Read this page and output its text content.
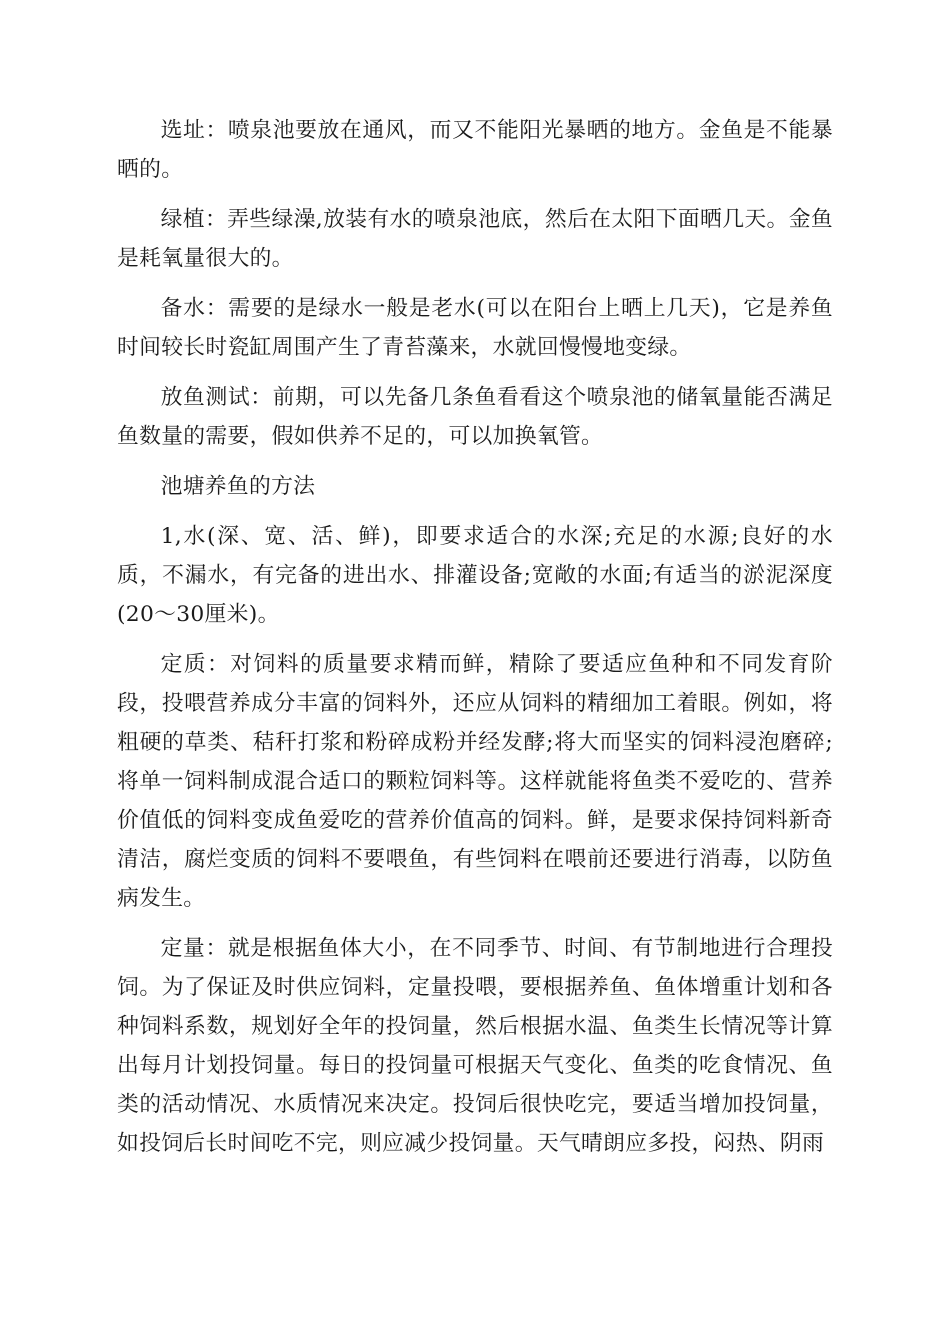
选址：喷泉池要放在通风，而又不能阳光暴晒的地方。金鱼是不能暴晒的。

绿植：弄些绿澡,放装有水的喷泉池底，然后在太阳下面晒几天。金鱼是耗氧量很大的。

备水：需要的是绿水一般是老水(可以在阳台上晒上几天)，它是养鱼时间较长时瓷缸周围产生了青苔藻来，水就回慢慢地变绿。

放鱼测试：前期，可以先备几条鱼看看这个喷泉池的储氧量能否满足鱼数量的需要，假如供养不足的，可以加换氧管。

池塘养鱼的方法

1,水(深、宽、活、鲜)，即要求适合的水深;充足的水源;良好的水质，不漏水，有完备的进出水、排灌设备;宽敞的水面;有适当的淤泥深度(20～30厘米)。

定质：对饲料的质量要求精而鲜，精除了要适应鱼种和不同发育阶段，投喂营养成分丰富的饲料外，还应从饲料的精细加工着眼。例如，将粗硬的草类、秸秆打浆和粉碎成粉并经发酵;将大而坚实的饲料浸泡磨碎;将单一饲料制成混合适口的颗粒饲料等。这样就能将鱼类不爱吃的、营养价值低的饲料变成鱼爱吃的营养价值高的饲料。鲜，是要求保持饲料新奇清洁，腐烂变质的饲料不要喂鱼，有些饲料在喂前还要进行消毒，以防鱼病发生。

定量：就是根据鱼体大小，在不同季节、时间、有节制地进行合理投饲。为了保证及时供应饲料，定量投喂，要根据养鱼、鱼体增重计划和各种饲料系数，规划好全年的投饲量，然后根据水温、鱼类生长情况等计算出每月计划投饲量。每日的投饲量可根据天气变化、鱼类的吃食情况、鱼类的活动情况、水质情况来决定。投饲后很快吃完，要适当增加投饲量，如投饲后长时间吃不完，则应减少投饲量。天气晴朗应多投，闷热、阴雨
